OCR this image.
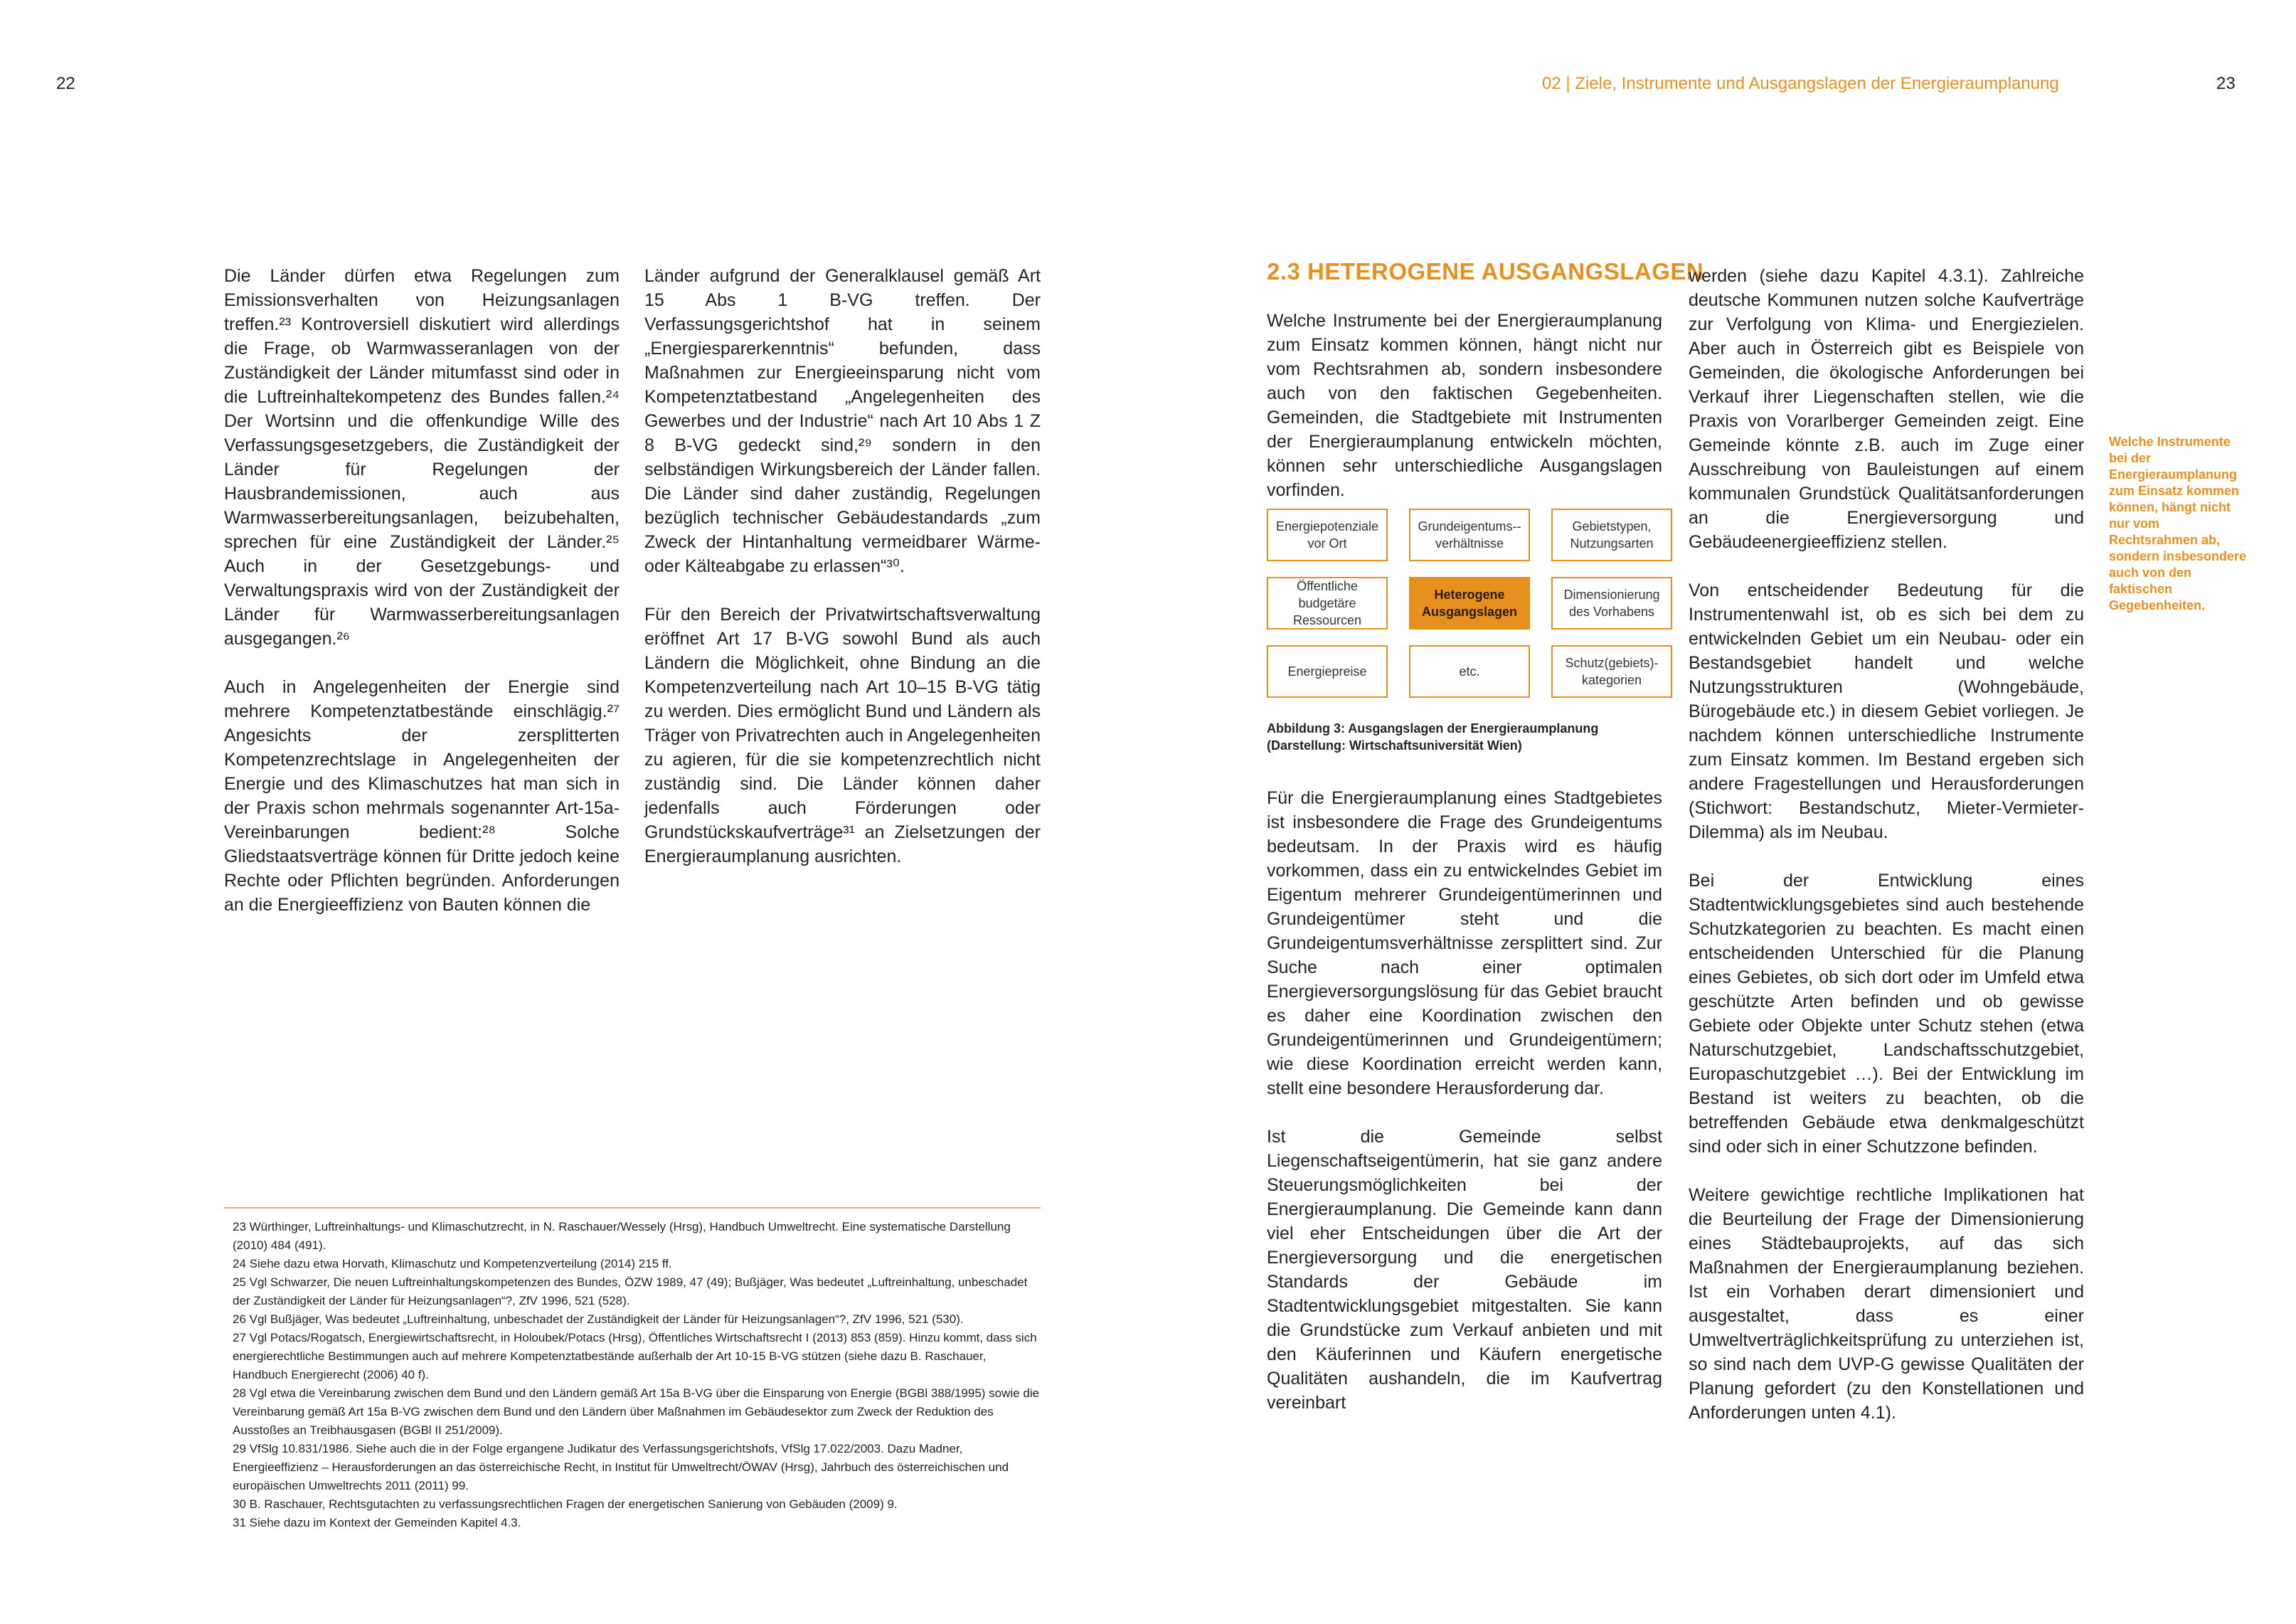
22	02 | Ziele, Instrumente und Ausgangslagen der Energieraumplanung	23

Die Länder dürfen etwa Regelungen zum Emissionsverhalten von Heizungsanlagen treffen.²³ Kontroversiell diskutiert wird allerdings die Frage, ob Warmwasseranlagen von der Zuständigkeit der Länder mitumfasst sind oder in die Luftreinhaltekompetenz des Bundes fallen.²⁴ Der Wortsinn und die offenkundige Wille des Verfassungsgesetzgebers, die Zuständigkeit der Länder für Regelungen der Hausbrandemissionen, auch aus Warmwasserbereitungsanlagen, beizubehalten, sprechen für eine Zuständigkeit der Länder.²⁵ Auch in der Gesetzgebungs- und Verwaltungspraxis wird von der Zuständigkeit der Länder für Warmwasserbereitungsanlagen ausgegangen.²⁶

Auch in Angelegenheiten der Energie sind mehrere Kompetenztatbestände einschlägig.²⁷ Angesichts der zersplitterten Kompetenzrechtslage in Angelegenheiten der Energie und des Klimaschutzes hat man sich in der Praxis schon mehrmals sogenannter Art-15a-Vereinbarungen bedient:²⁸ Solche Gliedstaatsverträge können für Dritte jedoch keine Rechte oder Pflichten begründen. Anforderungen an die Energieeffizienz von Bauten können die

Länder aufgrund der Generalklausel gemäß Art 15 Abs 1 B-VG treffen. Der Verfassungsgerichtshof hat in seinem „Energiesparerkenntnis“ befunden, dass Maßnahmen zur Energieeinsparung nicht vom Kompetenztatbestand „Angelegenheiten des Gewerbes und der Industrie“ nach Art 10 Abs 1 Z 8 B-VG gedeckt sind,²⁹ sondern in den selbständigen Wirkungsbereich der Länder fallen. Die Länder sind daher zuständig, Regelungen bezüglich technischer Gebäudestandards „zum Zweck der Hintanhaltung vermeidbarer Wärme- oder Kälteabgabe zu erlassen“³⁰.

Für den Bereich der Privatwirtschaftsverwaltung eröffnet Art 17 B-VG sowohl Bund als auch Ländern die Möglichkeit, ohne Bindung an die Kompetenzverteilung nach Art 10–15 B-VG tätig zu werden. Dies ermöglicht Bund und Ländern als Träger von Privatrechten auch in Angelegenheiten zu agieren, für die sie kompetenzrechtlich nicht zuständig sind. Die Länder können daher jedenfalls auch Förderungen oder Grundstückskaufverträge³¹ an Zielsetzungen der Energieraumplanung ausrichten.

23 Würthinger, Luftreinhaltungs- und Klimaschutzrecht, in N. Raschauer/Wessely (Hrsg), Handbuch Umweltrecht. Eine systematische Darstellung (2010) 484 (491).

24 Siehe dazu etwa Horvath, Klimaschutz und Kompetenzverteilung (2014) 215 ff.

25 Vgl Schwarzer, Die neuen Luftreinhaltungskompetenzen des Bundes, ÖZW 1989, 47 (49); Bußjäger, Was bedeutet „Luftreinhaltung, unbeschadet der Zuständigkeit der Länder für Heizungsanlagen“?, ZfV 1996, 521 (528).

26 Vgl Bußjäger, Was bedeutet „Luftreinhaltung, unbeschadet der Zuständigkeit der Länder für Heizungsanlagen“?, ZfV 1996, 521 (530).

27 Vgl Potacs/Rogatsch, Energiewirtschaftsrecht, in Holoubek/Potacs (Hrsg), Öffentliches Wirtschaftsrecht I (2013) 853 (859). Hinzu kommt, dass sich energierechtliche Bestimmungen auch auf mehrere Kompetenztatbestände außerhalb der Art 10-15 B-VG stützen (siehe dazu B. Raschauer, Handbuch Energierecht (2006) 40 f).

28 Vgl etwa die Vereinbarung zwischen dem Bund und den Ländern gemäß Art 15a B-VG über die Einsparung von Energie (BGBl 388/1995) sowie die Vereinbarung gemäß Art 15a B-VG zwischen dem Bund und den Ländern über Maßnahmen im Gebäudesektor zum Zweck der Reduktion des Ausstoßes an Treibhausgasen (BGBl II 251/2009).

29 VfSlg 10.831/1986. Siehe auch die in der Folge ergangene Judikatur des Verfassungsgerichtshofs, VfSlg 17.022/2003. Dazu Madner, Energieeffizienz – Herausforderungen an das österreichische Recht, in Institut für Umweltrecht/ÖWAV (Hrsg), Jahrbuch des österreichischen und europäischen Umweltrechts 2011 (2011) 99.

30 B. Raschauer, Rechtsgutachten zu verfassungsrechtlichen Fragen der energetischen Sanierung von Gebäuden (2009) 9.

31 Siehe dazu im Kontext der Gemeinden Kapitel 4.3.

2.3 HETEROGENE AUSGANGSLAGEN

Welche Instrumente bei der Energieraumplanung zum Einsatz kommen können, hängt nicht nur vom Rechtsrahmen ab, sondern insbesondere auch von den faktischen Gegebenheiten. Gemeinden, die Stadtgebiete mit Instrumenten der Energieraumplanung entwickeln möchten, können sehr unterschiedliche Ausgangslagen vorfinden.

Energiepotenziale vor Ort
Grundeigentums-verhältnisse
Gebietstypen, Nutzungsarten
Öffentliche budgetäre Ressourcen
Heterogene Ausgangslagen
Dimensionierung des Vorhabens
Energiepreise	etc.
Schutz(gebiets)-kategorien
Abbildung 3: Ausgangslagen der Energieraumplanung
(Darstellung: Wirtschaftsuniversität Wien)

Für die Energieraumplanung eines Stadtgebietes ist insbesondere die Frage des Grundeigentums bedeutsam. In der Praxis wird es häufig vorkommen, dass ein zu entwickelndes Gebiet im Eigentum mehrerer Grundeigentümerinnen und Grundeigentümer steht und die Grundeigentumsverhältnisse zersplittert sind. Zur Suche nach einer optimalen Energieversorgungslösung für das Gebiet braucht es daher eine Koordination zwischen den Grundeigentümerinnen und Grundeigentümern; wie diese Koordination erreicht werden kann, stellt eine besondere Herausforderung dar.

Ist die Gemeinde selbst Liegenschaftseigentümerin, hat sie ganz andere Steuerungsmöglichkeiten bei der Energieraumplanung. Die Gemeinde kann dann viel eher Entscheidungen über die Art der Energieversorgung und die energetischen Standards der Gebäude im Stadtentwicklungsgebiet mitgestalten. Sie kann die Grundstücke zum Verkauf anbieten und mit den Käuferinnen und Käufern energetische Qualitäten aushandeln, die im Kaufvertrag vereinbart

werden (siehe dazu Kapitel 4.3.1). Zahlreiche deutsche Kommunen nutzen solche Kaufverträge zur Verfolgung von Klima- und Energiezielen. Aber auch in Österreich gibt es Beispiele von Gemeinden, die ökologische Anforderungen bei Verkauf ihrer Liegenschaften stellen, wie die Praxis von Vorarlberger Gemeinden zeigt. Eine Gemeinde könnte z.B. auch im Zuge einer Ausschreibung von Bauleistungen auf einem kommunalen Grundstück Qualitätsanforderungen an die Energieversorgung und Gebäudeenergieeffizienz stellen.

Von entscheidender Bedeutung für die Instrumentenwahl ist, ob es sich bei dem zu entwickelnden Gebiet um ein Neubau- oder ein Bestandsgebiet handelt und welche Nutzungsstrukturen (Wohngebäude, Bürogebäude etc.) in diesem Gebiet vorliegen. Je nachdem können unterschiedliche Instrumente zum Einsatz kommen. Im Bestand ergeben sich andere Fragestellungen und Herausforderungen (Stichwort: Bestandschutz, Mieter-Vermieter-Dilemma) als im Neubau.

Bei der Entwicklung eines Stadtentwicklungsgebietes sind auch bestehende Schutzkategorien zu beachten. Es macht einen entscheidenden Unterschied für die Planung eines Gebietes, ob sich dort oder im Umfeld etwa geschützte Arten befinden und ob gewisse Gebiete oder Objekte unter Schutz stehen (etwa Naturschutzgebiet, Landschaftsschutzgebiet, Europaschutzgebiet …). Bei der Entwicklung im Bestand ist weiters zu beachten, ob die betreffenden Gebäude etwa denkmalgeschützt sind oder sich in einer Schutzzone befinden.

Weitere gewichtige rechtliche Implikationen hat die Beurteilung der Frage der Dimensionierung eines Städtebauprojekts, auf das sich Maßnahmen der Energieraumplanung beziehen. Ist ein Vorhaben derart dimensioniert und ausgestaltet, dass es einer Umweltverträglichkeitsprüfung zu unterziehen ist, so sind nach dem UVP-G gewisse Qualitäten der Planung gefordert (zu den Konstellationen und Anforderungen unten 4.1).

Welche Instrumente bei der Energieraumplanung zum Einsatz kommen können, hängt nicht nur vom Rechtsrahmen ab, sondern insbesondere auch von den faktischen Gegebenheiten.
